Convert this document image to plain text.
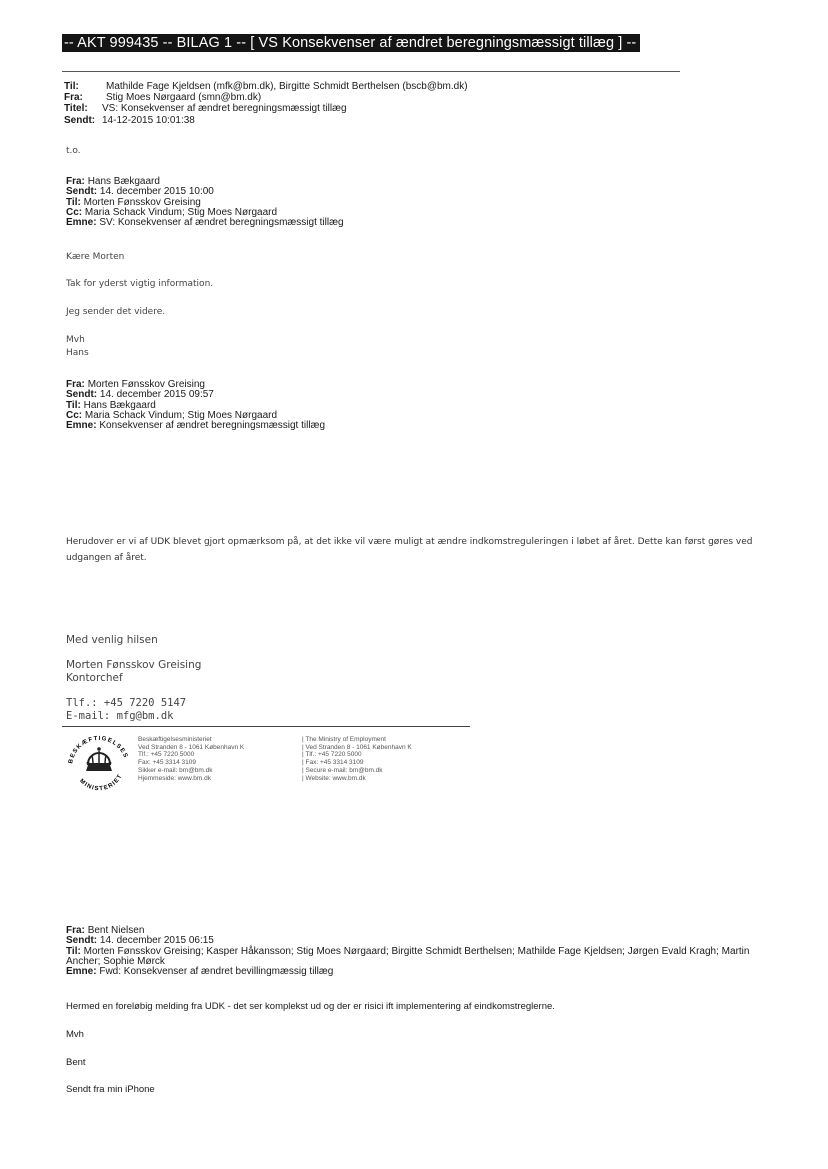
-- AKT 999435 -- BILAG 1 -- [ VS Konsekvenser af ændret beregningsmæssigt tillæg ] --
Til:	Mathilde Fage Kjeldsen (mfk@bm.dk), Birgitte Schmidt Berthelsen (bscb@bm.dk)
Fra: Stig Moes Nørgaard (smn@bm.dk)
Titel: VS: Konsekvenser af ændret beregningsmæssigt tillæg
Sendt: 14-12-2015 10:01:38
t.o.
Fra: Hans Bækgaard
Sendt: 14. december 2015 10:00
Til: Morten Fønsskov Greising
Cc: Maria Schack Vindum; Stig Moes Nørgaard
Emne: SV: Konsekvenser af ændret beregningsmæssigt tillæg
Kære Morten
Tak for yderst vigtig information.
Jeg sender det videre.
Mvh
Hans
Fra: Morten Fønsskov Greising
Sendt: 14. december 2015 09:57
Til: Hans Bækgaard
Cc: Maria Schack Vindum; Stig Moes Nørgaard
Emne: Konsekvenser af ændret beregningsmæssigt tillæg
Herudover er vi af UDK blevet gjort opmærksom på, at det ikke vil være muligt at ændre indkomstreguleringen i løbet af året. Dette kan først gøres ved
udgangen af året.
Med venlig hilsen
Morten Fønsskov Greising
Kontorchef
Tlf.: +45 7220 5147
E-mail: mfg@bm.dk
BESKÆFTIGELSES
MINISTERIET
Beskæftigelsesministeriet
Ved Stranden 8 - 1061 København K
Tlf.: +45 7220 5000
Fax: +45 3314 3109
Sikker e-mail: bm@bm.dk
Hjemmeside: www.bm.dk
| The Ministry of Employment
| Ved Stranden 8 - 1061 København K
| Tlf.: +45 7220 5000
| Fax: +45 3314 3109
| Secure e-mail: bm@bm.dk
| Website: www.bm.dk
Fra: Bent Nielsen
Sendt: 14. december 2015 06:15
Til: Morten Fønsskov Greising; Kasper Håkansson; Stig Moes Nørgaard; Birgitte Schmidt Berthelsen; Mathilde Fage Kjeldsen; Jørgen Evald Kragh; Martin
Ancher; Sophie Mørck
Emne: Fwd: Konsekvenser af ændret bevillingmæssig tillæg
Hermed en foreløbig melding fra UDK - det ser komplekst ud og der er risici ift implementering af eindkomstreglerne.
Mvh
Bent
Sendt fra min iPhone
